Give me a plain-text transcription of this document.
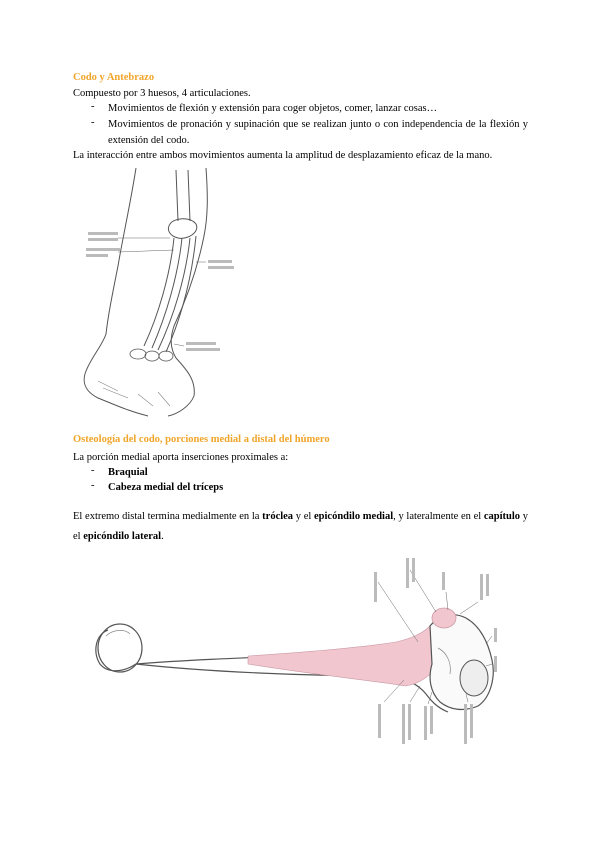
Codo y Antebrazo
Compuesto por 3 huesos, 4 articulaciones.
- Movimientos de flexión y extensión para coger objetos, comer, lanzar cosas…
- Movimientos de pronación y supinación que se realizan junto o con independencia de la flexión y extensión del codo.
La interacción entre ambos movimientos aumenta la amplitud de desplazamiento eficaz de la mano.
Osteología del codo, porciones medial a distal del húmero
La porción medial aporta inserciones proximales a:
- Braquial
- Cabeza medial del tríceps
El extremo distal termina medialmente en la tróclea y el epicóndilo medial, y lateralmente en el capítulo y el epicóndilo lateral.
